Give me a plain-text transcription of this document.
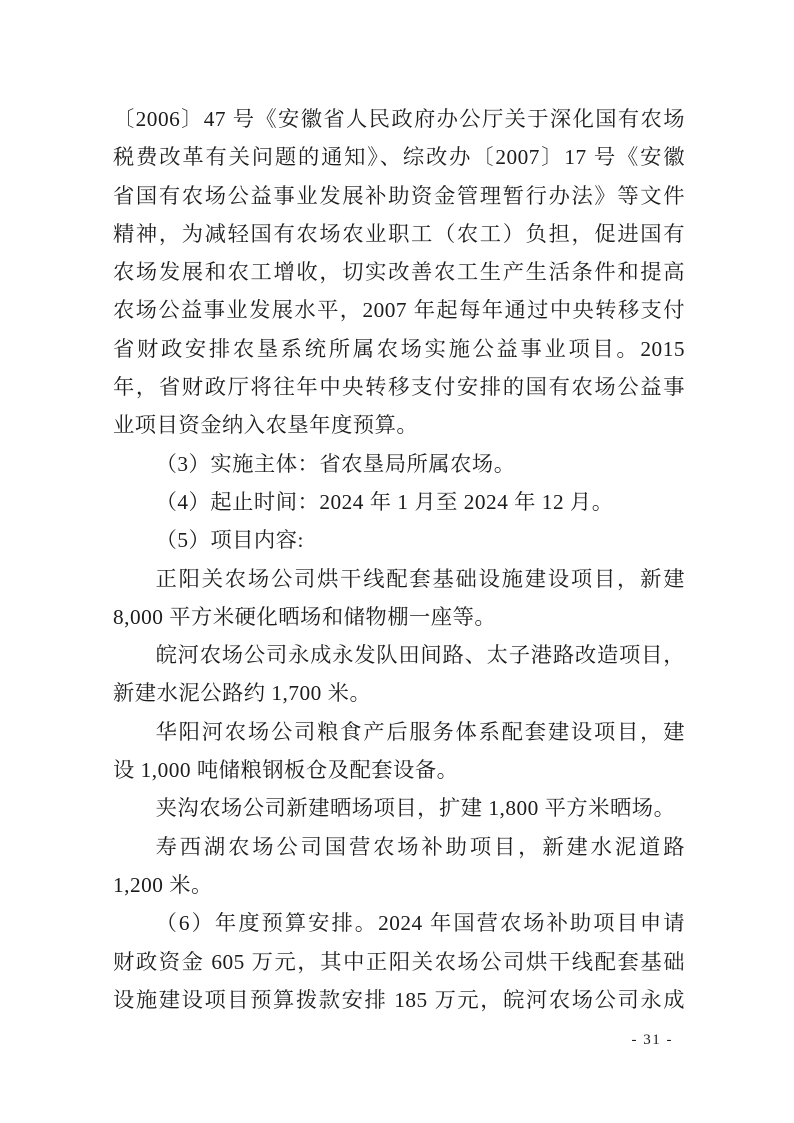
〔2006〕47 号《安徽省人民政府办公厅关于深化国有农场
税费改革有关问题的通知》、综改办〔2007〕17 号《安徽
省国有农场公益事业发展补助资金管理暂行办法》等文件
精神，为减轻国有农场农业职工（农工）负担，促进国有
农场发展和农工增收，切实改善农工生产生活条件和提高
农场公益事业发展水平，2007 年起每年通过中央转移支付
省财政安排农垦系统所属农场实施公益事业项目。2015
年，省财政厅将往年中央转移支付安排的国有农场公益事
业项目资金纳入农垦年度预算。
（3）实施主体：省农垦局所属农场。
（4）起止时间：2024 年 1 月至 2024 年 12 月。
（5）项目内容:
正阳关农场公司烘干线配套基础设施建设项目，新建
8,000 平方米硬化晒场和储物棚一座等。
皖河农场公司永成永发队田间路、太子港路改造项目，
新建水泥公路约 1,700 米。
华阳河农场公司粮食产后服务体系配套建设项目，建
设 1,000 吨储粮钢板仓及配套设备。
夹沟农场公司新建晒场项目，扩建 1,800 平方米晒场。
寿西湖农场公司国营农场补助项目，新建水泥道路
1,200 米。
（6）年度预算安排。2024 年国营农场补助项目申请
财政资金 605 万元，其中正阳关农场公司烘干线配套基础
设施建设项目预算拨款安排 185 万元，皖河农场公司永成
- 31 -
